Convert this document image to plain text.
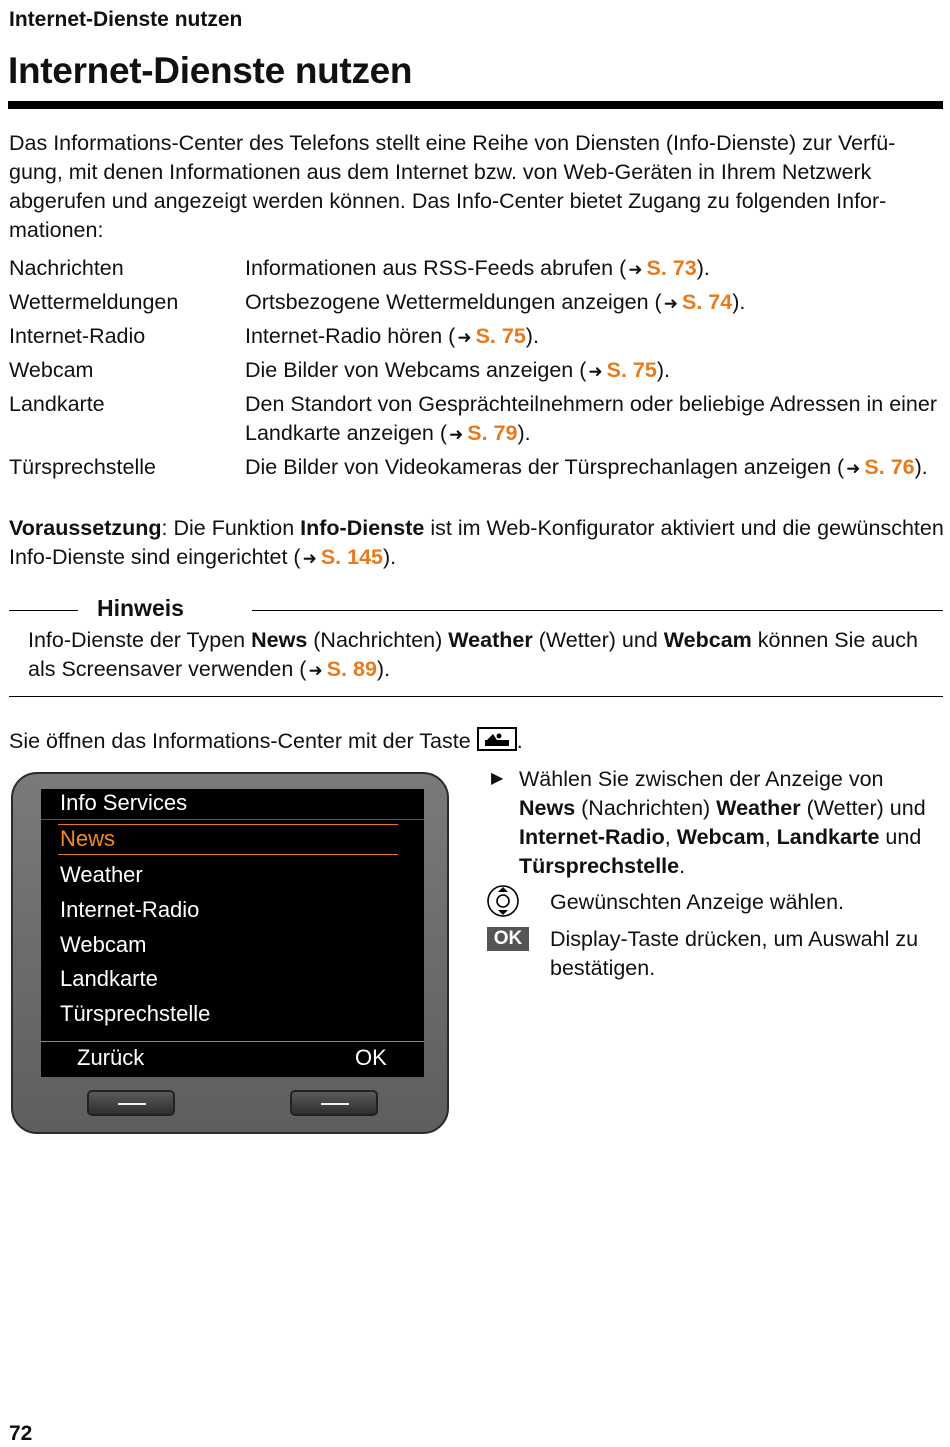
Internet-Dienste nutzen
Internet-Dienste nutzen
Das Informations-Center des Telefons stellt eine Reihe von Diensten (Info-Dienste) zur Verfü-gung, mit denen Informationen aus dem Internet bzw. von Web-Geräten in Ihrem Netzwerk abgerufen und angezeigt werden können. Das Info-Center bietet Zugang zu folgenden Infor-mationen:
Nachrichten	Informationen aus RSS-Feeds abrufen ( ➜ S. 73).
Wettermeldungen	Ortsbezogene Wettermeldungen anzeigen ( ➜ S. 74).
Internet-Radio	Internet-Radio hören ( ➜ S. 75).
Webcam	Die Bilder von Webcams anzeigen ( ➜ S. 75).
Landkarte	Den Standort von Gesprächteilnehmern oder beliebige Adressen in einer Landkarte anzeigen ( ➜ S. 79).
Türsprechstelle	Die Bilder von Videokameras der Türsprechanlagen anzeigen ( ➜ S. 76).
Voraussetzung: Die Funktion Info-Dienste ist im Web-Konfigurator aktiviert und die gewünschten Info-Dienste sind eingerichtet ( ➜ S. 145).
Hinweis
Info-Dienste der Typen News (Nachrichten) Weather (Wetter) und Webcam können Sie auch als Screensaver verwenden ( ➜ S. 89).
Sie öffnen das Informations-Center mit der Taste .
Info Services
News
Weather
Internet-Radio
Webcam
Landkarte
Türsprechstelle
Zurück	OK
▶ Wählen Sie zwischen der Anzeige von News (Nachrichten) Weather (Wetter) und Internet-Radio, Webcam, Landkarte und Türsprechstelle.
Gewünschten Anzeige wählen.
OK	Display-Taste drücken, um Auswahl zu bestätigen.
72
